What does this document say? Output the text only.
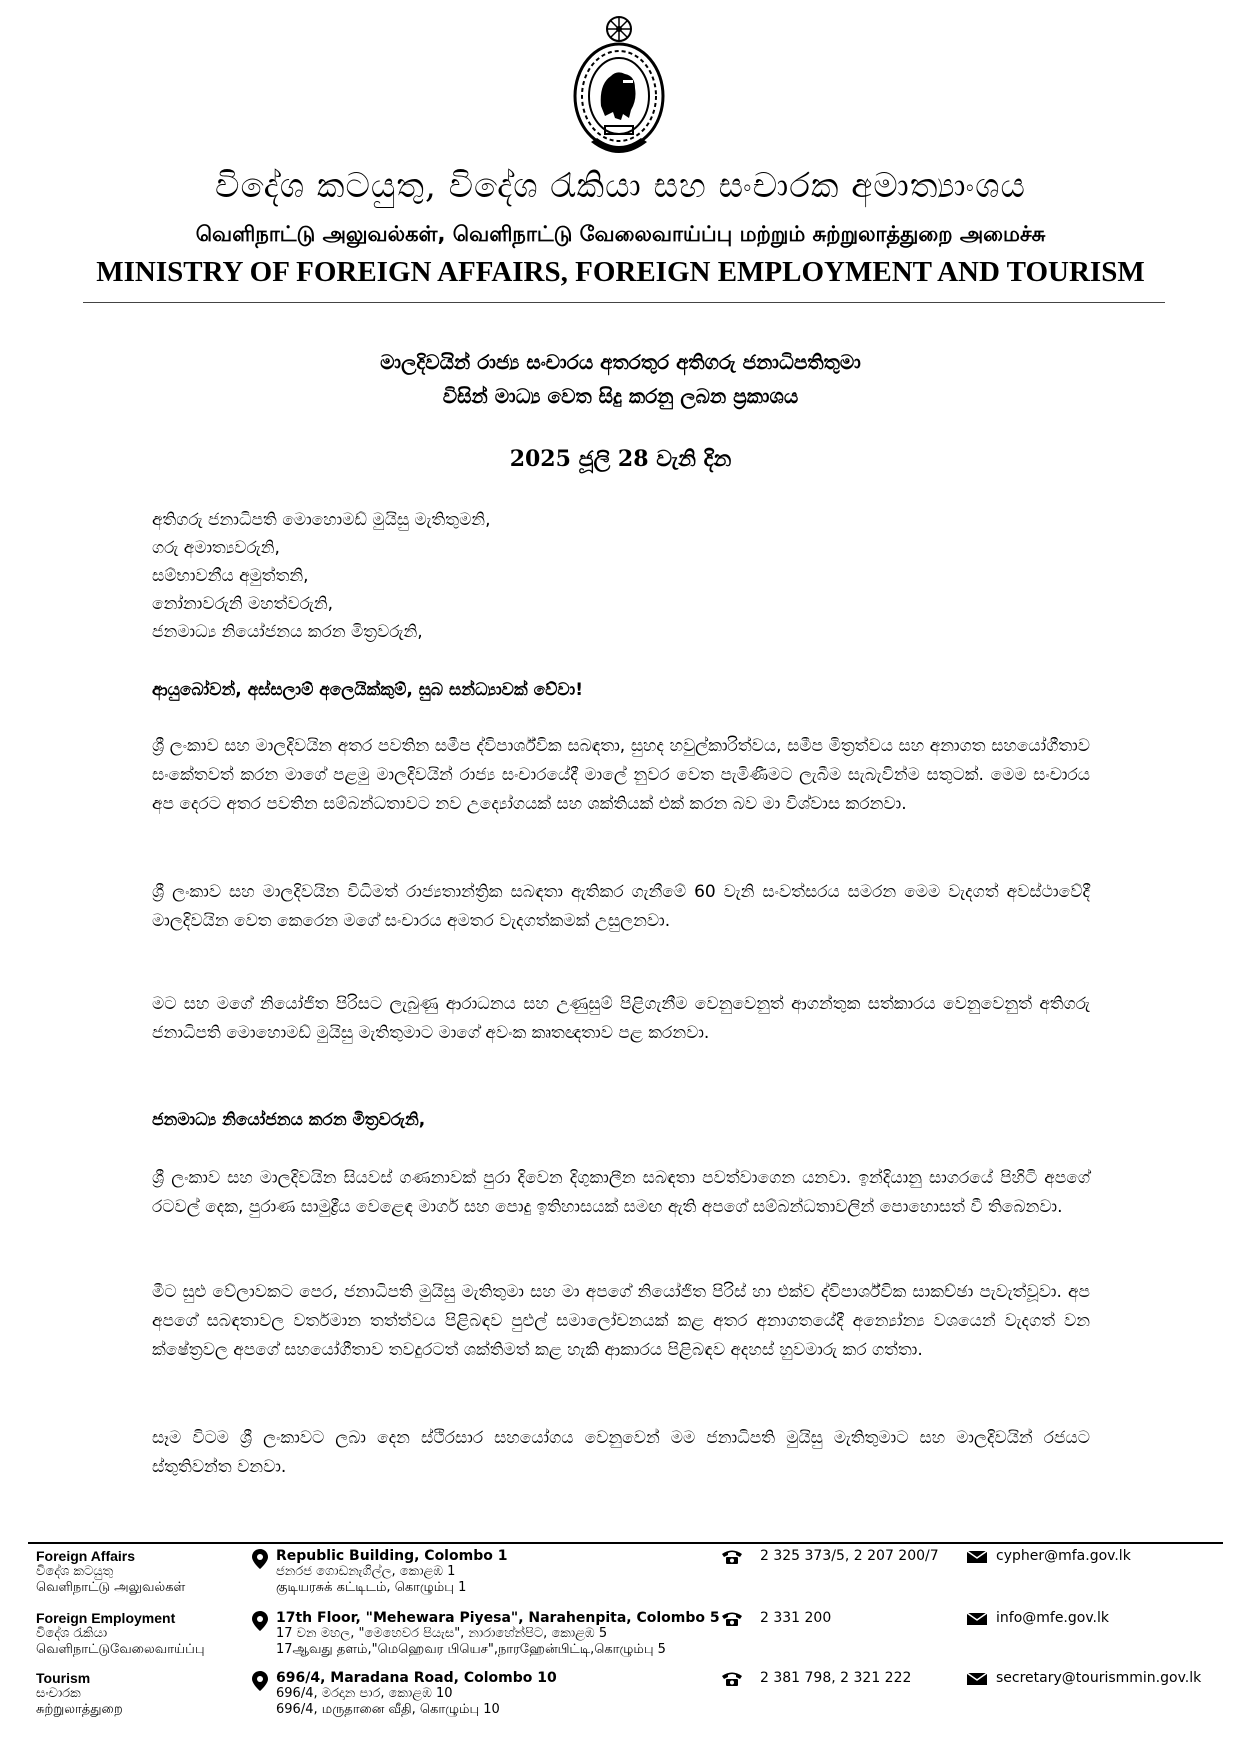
විදේශ කටයුතු, විදේශ රැකියා සහ සංචාරක අමාත්‍යාංශය
வெளிநாட்டு அலுவல்கள், வெளிநாட்டு வேலைவாய்ப்பு மற்றும் சுற்றுலாத்துறை அமைச்சு
MINISTRY OF FOREIGN AFFAIRS, FOREIGN EMPLOYMENT AND TOURISM
මාලදිවයින් රාජ්‍ය සංචාරය අතරතුර අතිගරු ජනාධිපතිතුමා
විසින් මාධ්‍ය වෙත සිදු කරනු ලබන ප්‍රකාශය
2025 ජූලි 28 වැනි දින
අතිගරු ජනාධිපති මොහොමඩ් මුයිසු මැතිතුමනි,
ගරු අමාත්‍යවරුනි,
සම්භාවනීය අමුත්තනි,
නෝනාවරුනි මහත්වරුනි,
ජනමාධ්‍ය නියෝජනය කරන මිත්‍රවරුනි,
ආයුබෝවන්, අස්සලාම් අලෙයික්කුම්, සුබ සන්ධ්‍යාවක් වේවා!
ශ්‍රී ලංකාව සහ මාලදිවයින අතර පවතින සමීප ද්විපාර්ශ්වික සබඳතා, සුහද හවුල්කාරිත්වය, සමීප මිත්‍රත්වය සහ අනාගත සහයෝගීතාව සංකේතවත් කරන මාගේ පළමු මාලදිවයින් රාජ්‍ය සංචාරයේදී මාලේ නුවර වෙත පැමිණීමට ලැබීම සැබැවින්ම සතුටක්. මෙම සංචාරය අප දෙරට අතර පවතින සම්බන්ධතාවට නව උද්‍යෝගයක් සහ ශක්තියක් එක් කරන බව මා විශ්වාස කරනවා.
ශ්‍රී ලංකාව සහ මාලදිවයින විධිමත් රාජ්‍යතාන්ත්‍රික සබඳතා ඇතිකර ගැනීමේ 60 වැනි සංවත්සරය සමරන මෙම වැදගත් අවස්ථාවේදී මාලදිවයින වෙත කෙරෙන මගේ සංචාරය අමතර වැදගත්කමක් උසුලනවා.
මට සහ මගේ නියෝජිත පිරිසට ලැබුණු ආරාධනය සහ උණුසුම් පිළිගැනීම වෙනුවෙනුත් ආගන්තුක සත්කාරය වෙනුවෙනුත් අතිගරු ජනාධිපති මොහොමඩ් මුයිසු මැතිතුමාට මාගේ අවංක කෘතඥතාව පළ කරනවා.
ජනමාධ්‍ය නියෝජනය කරන මිත්‍රවරුනි,
ශ්‍රී ලංකාව සහ මාලදිවයින සියවස් ගණනාවක් පුරා දිවෙන දිගුකාලීන සබඳතා පවත්වාගෙන යනවා. ඉන්දියානු සාගරයේ පිහිටි අපගේ රටවල් දෙක, පුරාණ සාමුද්‍රීය වෙළෙඳ මාර්ග සහ පොදු ඉතිහාසයක් සමඟ ඇති අපගේ සම්බන්ධතාවලින් පොහොසත් වී තිබෙනවා.
මීට සුළු වේලාවකට පෙර, ජනාධිපති මුයිසු මැතිතුමා සහ මා අපගේ නියෝජිත පිරිස් හා එක්ව ද්විපාර්ශ්වික සාකච්ඡා පැවැත්වූවා. අප අපගේ සබඳතාවල වර්තමාන තත්ත්වය පිළිබඳව පුළුල් සමාලෝචනයක් කළ අතර අනාගතයේදී අන්‍යෝන්‍ය වශයෙන් වැදගත් වන ක්ෂේත්‍රවල අපගේ සහයෝගීතාව තවදුරටත් ශක්තිමත් කළ හැකි ආකාරය පිළිබඳව අදහස් හුවමාරු කර ගත්තා.
සෑම විටම ශ්‍රී ලංකාවට ලබා දෙන ස්ථිරසාර සහයෝගය වෙනුවෙන් මම ජනාධිපති මුයිසු මැතිතුමාට සහ මාලදිවයින් රජයට ස්තුතිවන්ත වනවා.
Foreign Affairs
විදේශ කටයුතු
வெளிநாட்டு அலுவல்கள்
Republic Building, Colombo 1
ජනරජ ගොඩනැගිල්ල, කොළඹ 1
குடியரசுக் கட்டிடம், கொழும்பு 1
2 325 373/5, 2 207 200/7	cypher@mfa.gov.lk
Foreign Employment
විදේශ රැකියා
வெளிநாட்டுவேலைவாய்ப்பு
17th Floor, "Mehewara Piyesa", Narahenpita, Colombo 5
17 වන මහල, "මෙහෙවර පියැස", නාරාහේන්පිට, කොළඹ 5
17ஆவது தளம்,"மெஹெவர பியெச",நாரஹேன்பிட்டி,கொழும்பு 5
2 331 200	info@mfe.gov.lk
Tourism
සංචාරක
சுற்றுலாத்துறை
696/4, Maradana Road, Colombo 10
696/4, මරදාන පාර, කොළඹ 10
696/4, மருதானை வீதி, கொழும்பு 10
2 381 798, 2 321 222	secretary@tourismmin.gov.lk
